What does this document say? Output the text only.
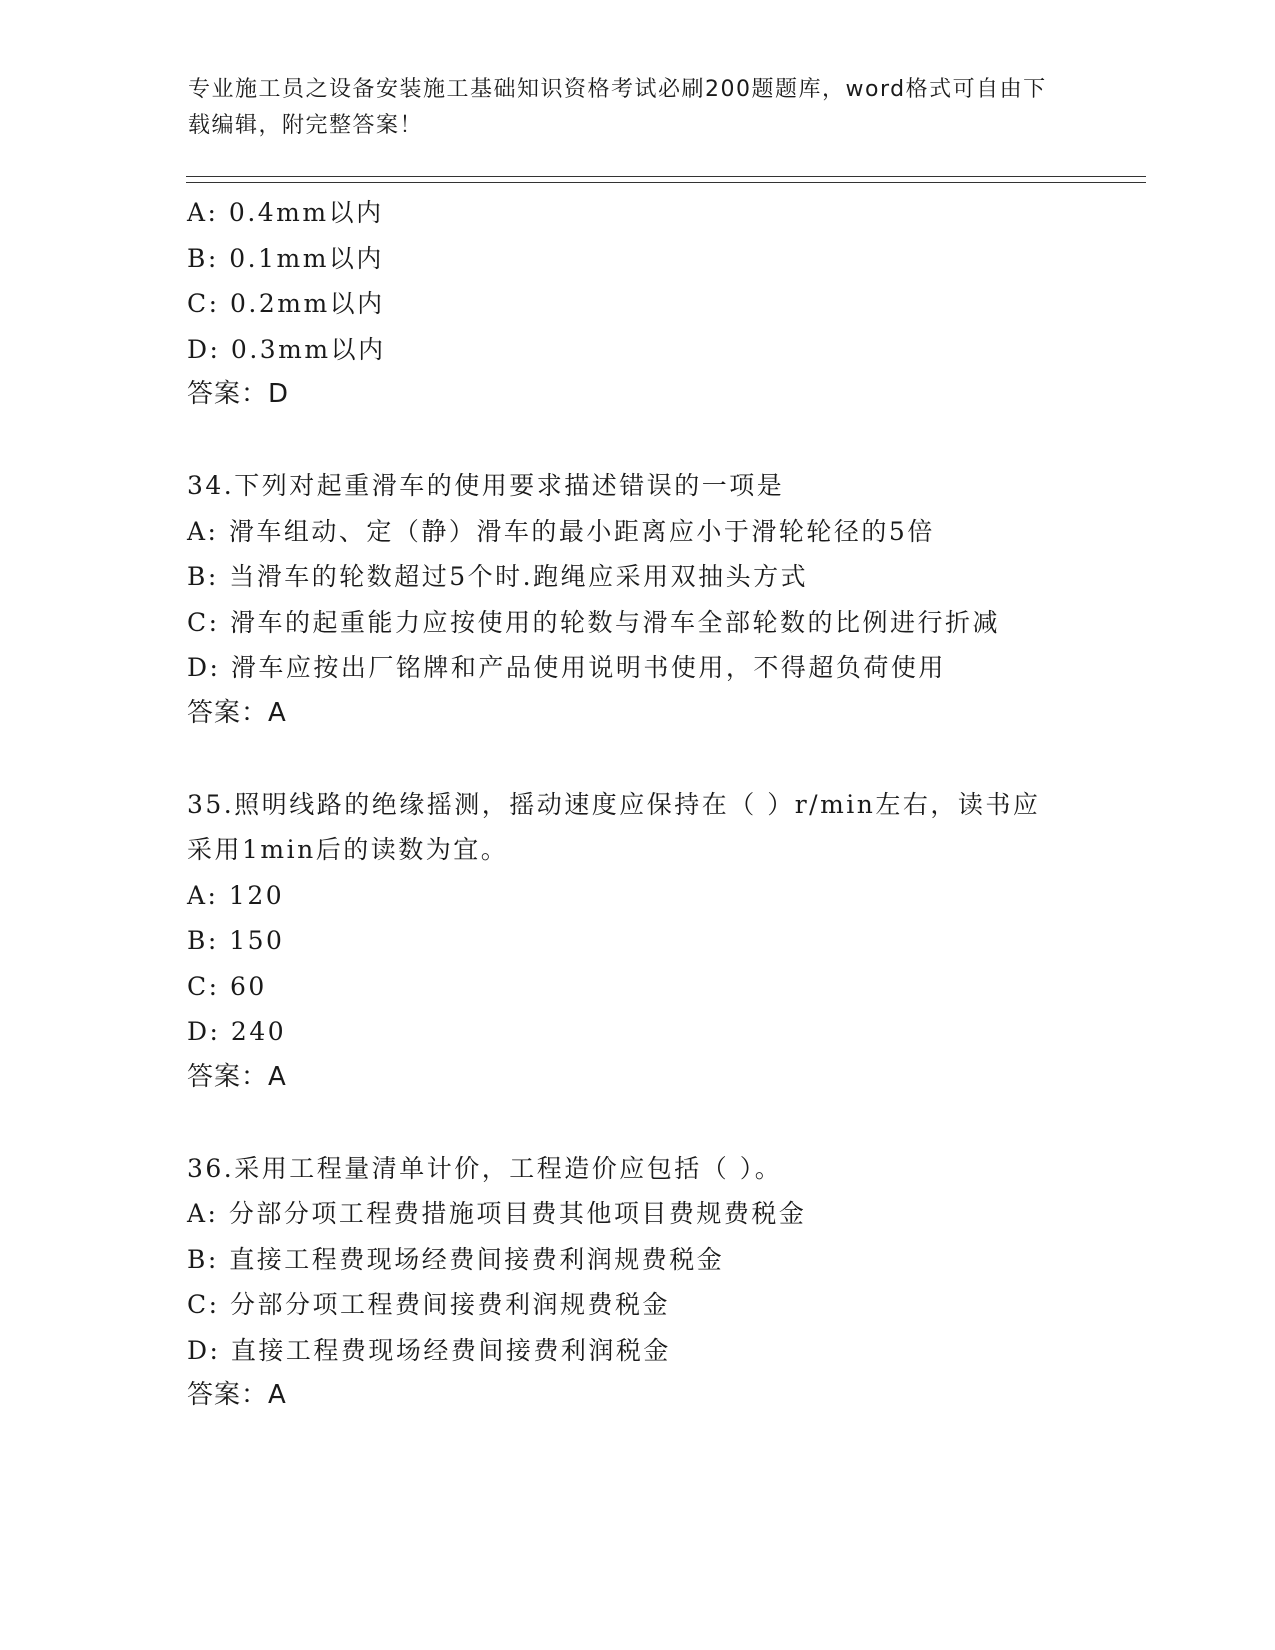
专业施工员之设备安装施工基础知识资格考试必刷200题题库，word格式可自由下载编辑，附完整答案！
A: 0.4mm以内
B: 0.1mm以内
C: 0.2mm以内
D: 0.3mm以内
答案：D
34.下列对起重滑车的使用要求描述错误的一项是
A: 滑车组动、定（静）滑车的最小距离应小于滑轮轮径的5倍
B: 当滑车的轮数超过5个时.跑绳应采用双抽头方式
C: 滑车的起重能力应按使用的轮数与滑车全部轮数的比例进行折减
D: 滑车应按出厂铭牌和产品使用说明书使用，不得超负荷使用
答案：A
35.照明线路的绝缘摇测，摇动速度应保持在（ ）r/min左右，读书应采用1min后的读数为宜。
A: 120
B: 150
C: 60
D: 240
答案：A
36.采用工程量清单计价，工程造价应包括（ ）。
A: 分部分项工程费措施项目费其他项目费规费税金
B: 直接工程费现场经费间接费利润规费税金
C: 分部分项工程费间接费利润规费税金
D: 直接工程费现场经费间接费利润税金
答案：A
